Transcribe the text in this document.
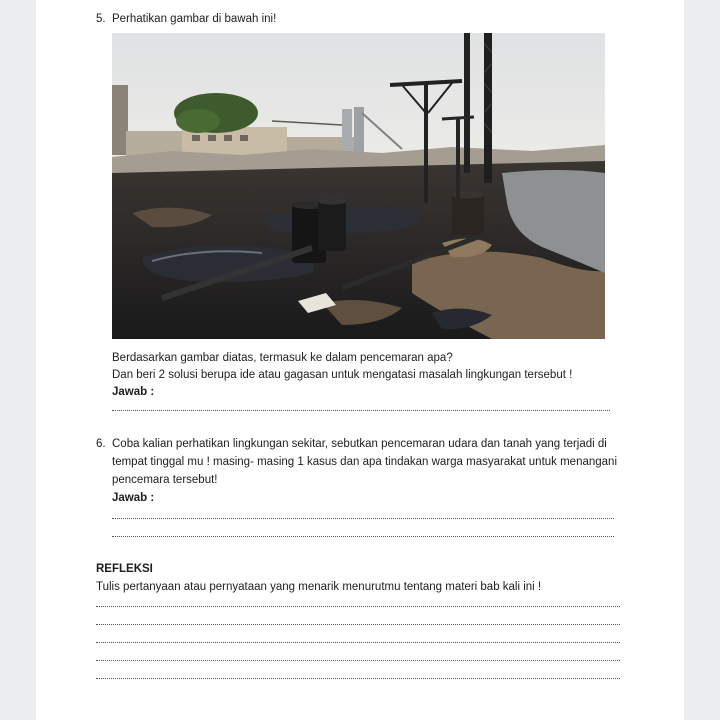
5. Perhatikan gambar di bawah ini!
Berdasarkan gambar diatas, termasuk ke dalam pencemaran apa?
Dan beri 2 solusi berupa ide atau gagasan untuk mengatasi masalah lingkungan tersebut !
Jawab :
6. Coba kalian perhatikan lingkungan sekitar, sebutkan pencemaran udara dan tanah yang terjadi di
tempat tinggal mu ! masing- masing 1 kasus dan apa tindakan warga masyarakat untuk menangani
pencemara tersebut!
Jawab :
REFLEKSI
Tulis pertanyaan atau pernyataan yang menarik menurutmu tentang materi bab kali ini !
